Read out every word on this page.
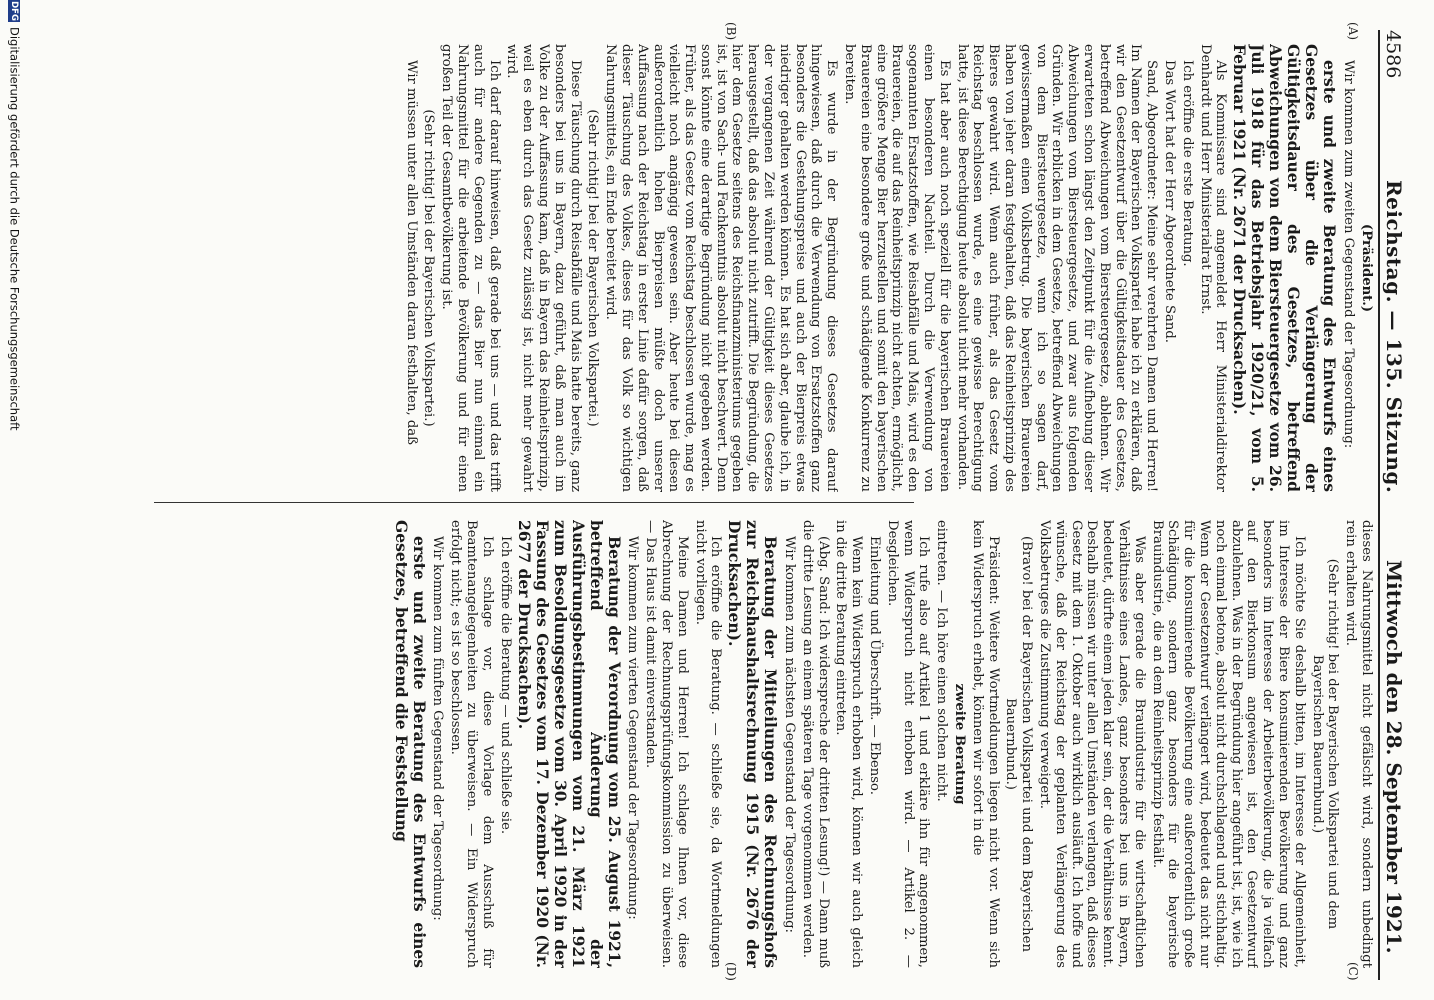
4586
Reichstag. — 135. Sitzung.
Mittwoch den 28. September 1921.
(A)
(B)
(C)
(D)

(Präsident.)

Wir kommen zum zweiten Gegenstand der Tagesordnung:

erste und zweite Beratung des Entwurfs eines Gesetzes über die Verlängerung der Gültigkeitsdauer des Gesetzes, betreffend Abweichungen von dem Biersteuergesetze vom 26. Juli 1918 für das Betriebsjahr 1920/21, vom 5. Februar 1921 (Nr. 2671 der Drucksachen).

Als Kommissare sind angemeldet Herr Ministerialdirektor Denhardt und Herr Ministerialrat Ernst.

Ich eröffne die erste Beratung.

Das Wort hat der Herr Abgeordnete Sand.

Sand, Abgeordneter: Meine sehr verehrten Damen und Herren! Im Namen der Bayerischen Volkspartei habe ich zu erklären, daß wir den Gesetzentwurf über die Gültigkeitsdauer des Gesetzes, betreffend Abweichungen vom Biersteuergesetze, ablehnen. Wir erwarteten schon längst den Zeitpunkt für die Aufhebung dieser Abweichungen vom Biersteuergesetze, und zwar aus folgenden Gründen. Wir erblicken in dem Gesetze, betreffend Abweichungen von dem Biersteuergesetze, wenn ich so sagen darf, gewissermaßen einen Volksbetrug. Die bayerischen Brauereien haben von jeher daran festgehalten, daß das Reinheitsprinzip des Bieres gewahrt wird. Wenn auch früher, als das Gesetz vom Reichstag beschlossen wurde, es eine gewisse Berechtigung hatte, ist diese Berechtigung heute absolut nicht mehr vorhanden.

Es hat aber auch noch speziell für die bayerischen Brauereien einen besonderen Nachteil. Durch die Verwendung von sogenannten Ersatzstoffen, wie Reisabfälle und Mais, wird es den Brauereien, die auf das Reinheitsprinzip nicht achten, ermöglicht, eine größere Menge Bier herzustellen und somit den bayerischen Brauereien eine besondere große und schädigende Konkurrenz zu bereiten.

Es wurde in der Begründung dieses Gesetzes darauf hingewiesen, daß durch die Verwendung von Ersatzstoffen ganz besonders die Gestehungspreise und auch der Bierpreis etwas niedriger gehalten werden können. Es hat sich aber, glaube ich, in der vergangenen Zeit während der Gültigkeit dieses Gesetzes herausgestellt, daß das absolut nicht zutrifft. Die Begründung, die hier dem Gesetze seitens des Reichsfinanzministeriums gegeben ist, ist von Sach- und Fachkenntnis absolut nicht beschwert. Denn sonst könnte eine derartige Begründung nicht gegeben werden. Früher, als das Gesetz vom Reichstag beschlossen wurde, mag es vielleicht noch angängig gewesen sein. Aber heute bei diesen außerordentlich hohen Bierpreisen müßte doch unserer Auffassung nach der Reichstag in erster Linie dafür sorgen, daß dieser Täuschung des Volkes, dieses für das Volk so wichtigen Nahrungsmittels, ein Ende bereitet wird.

(Sehr richtig! bei der Bayerischen Volkspartei.)

Diese Täuschung durch Reisabfälle und Mais hatte bereits, ganz besonders bei uns in Bayern, dazu geführt, daß man auch im Volke zu der Auffassung kam, daß in Bayern das Reinheitsprinzip, weil es eben durch das Gesetz zulässig ist, nicht mehr gewahrt wird.

Ich darf darauf hinweisen, daß gerade bei uns — und das trifft auch für andere Gegenden zu — das Bier nun einmal ein Nahrungsmittel für die arbeitende Bevölkerung und für einen großen Teil der Gesamtbevölkerung ist.

(Sehr richtig! bei der Bayerischen Volkspartei.)

Wir müssen unter allen Umständen daran festhalten, daß

dieses Nahrungsmittel nicht gefälscht wird, sondern unbedingt rein erhalten wird.

(Sehr richtig! bei der Bayerischen Volkspartei und dem Bayerischen Bauernbund.)

Ich möchte Sie deshalb bitten, im Interesse der Allgemeinheit, im Interesse der Biere konsumierenden Bevölkerung und ganz besonders im Interesse der Arbeiterbevölkerung, die ja vielfach auf den Bierkonsum angewiesen ist, den Gesetzentwurf abzulehnen. Was in der Begründung hier angeführt ist, ist, wie ich noch einmal betone, absolut nicht durchschlagend und stichhaltig. Wenn der Gesetzentwurf verlängert wird, bedeutet das nicht nur für die konsumierende Bevölkerung eine außerordentlich große Schädigung, sondern ganz besonders für die bayerische Brauindustrie, die an dem Reinheitsprinzip festhält.

Was aber gerade die Brauindustrie für die wirtschaftlichen Verhältnisse eines Landes, ganz besonders bei uns in Bayern, bedeutet, dürfte einem jeden klar sein, der die Verhältnisse kennt. Deshalb müssen wir unter allen Umständen verlangen, daß dieses Gesetz mit dem 1. Oktober auch wirklich ausläuft. Ich hoffe und wünsche, daß der Reichstag der geplanten Verlängerung des Volksbetruges die Zustimmung verweigert.

(Bravo! bei der Bayerischen Volkspartei und dem Bayerischen Bauernbund.)

Präsident: Weitere Wortmeldungen liegen nicht vor. Wenn sich kein Widerspruch erhebt, können wir sofort in die

zweite Beratung

eintreten. — Ich höre einen solchen nicht.

Ich rufe also auf Artikel 1 und erkläre ihn für angenommen, wenn Widerspruch nicht erhoben wird. — Artikel 2. — Desgleichen.

Einleitung und Überschrift. — Ebenso.

Wenn kein Widerspruch erhoben wird, können wir auch gleich in die dritte Beratung eintreten.

(Abg. Sand: Ich widerspreche der dritten Lesung!) — Dann muß die dritte Lesung an einem späteren Tage vorgenommen werden.

Wir kommen zum nächsten Gegenstand der Tagesordnung:

Beratung der Mitteilungen des Rechnungshofs zur Reichshaushaltsrechnung 1915 (Nr. 2676 der Drucksachen).

Ich eröffne die Beratung. — schließe sie, da Wortmeldungen nicht vorliegen.

Meine Damen und Herren! Ich schlage Ihnen vor, diese Abrechnung der Rechnungsprüfungskommission zu überweisen. — Das Haus ist damit einverstanden.

Wir kommen zum vierten Gegenstand der Tagesordnung:

Beratung der Verordnung vom 25. August 1921, betreffend Änderung der Ausführungsbestimmungen vom 21. März 1921 zum Besoldungsgesetze vom 30. April 1920 in der Fassung des Gesetzes vom 17. Dezember 1920 (Nr. 2677 der Drucksachen).

Ich eröffne die Beratung — und schließe sie.

Ich schlage vor, diese Vorlage dem Ausschuß für Beamtenangelegenheiten zu überweisen. — Ein Widerspruch erfolgt nicht; es ist so beschlossen.

Wir kommen zum fünften Gegenstand der Tagesordnung:

erste und zweite Beratung des Entwurfs eines Gesetzes, betreffend die Feststellung

DFGDigitalisierung gefördert durch die Deutsche Forschungsgemeinschaft
